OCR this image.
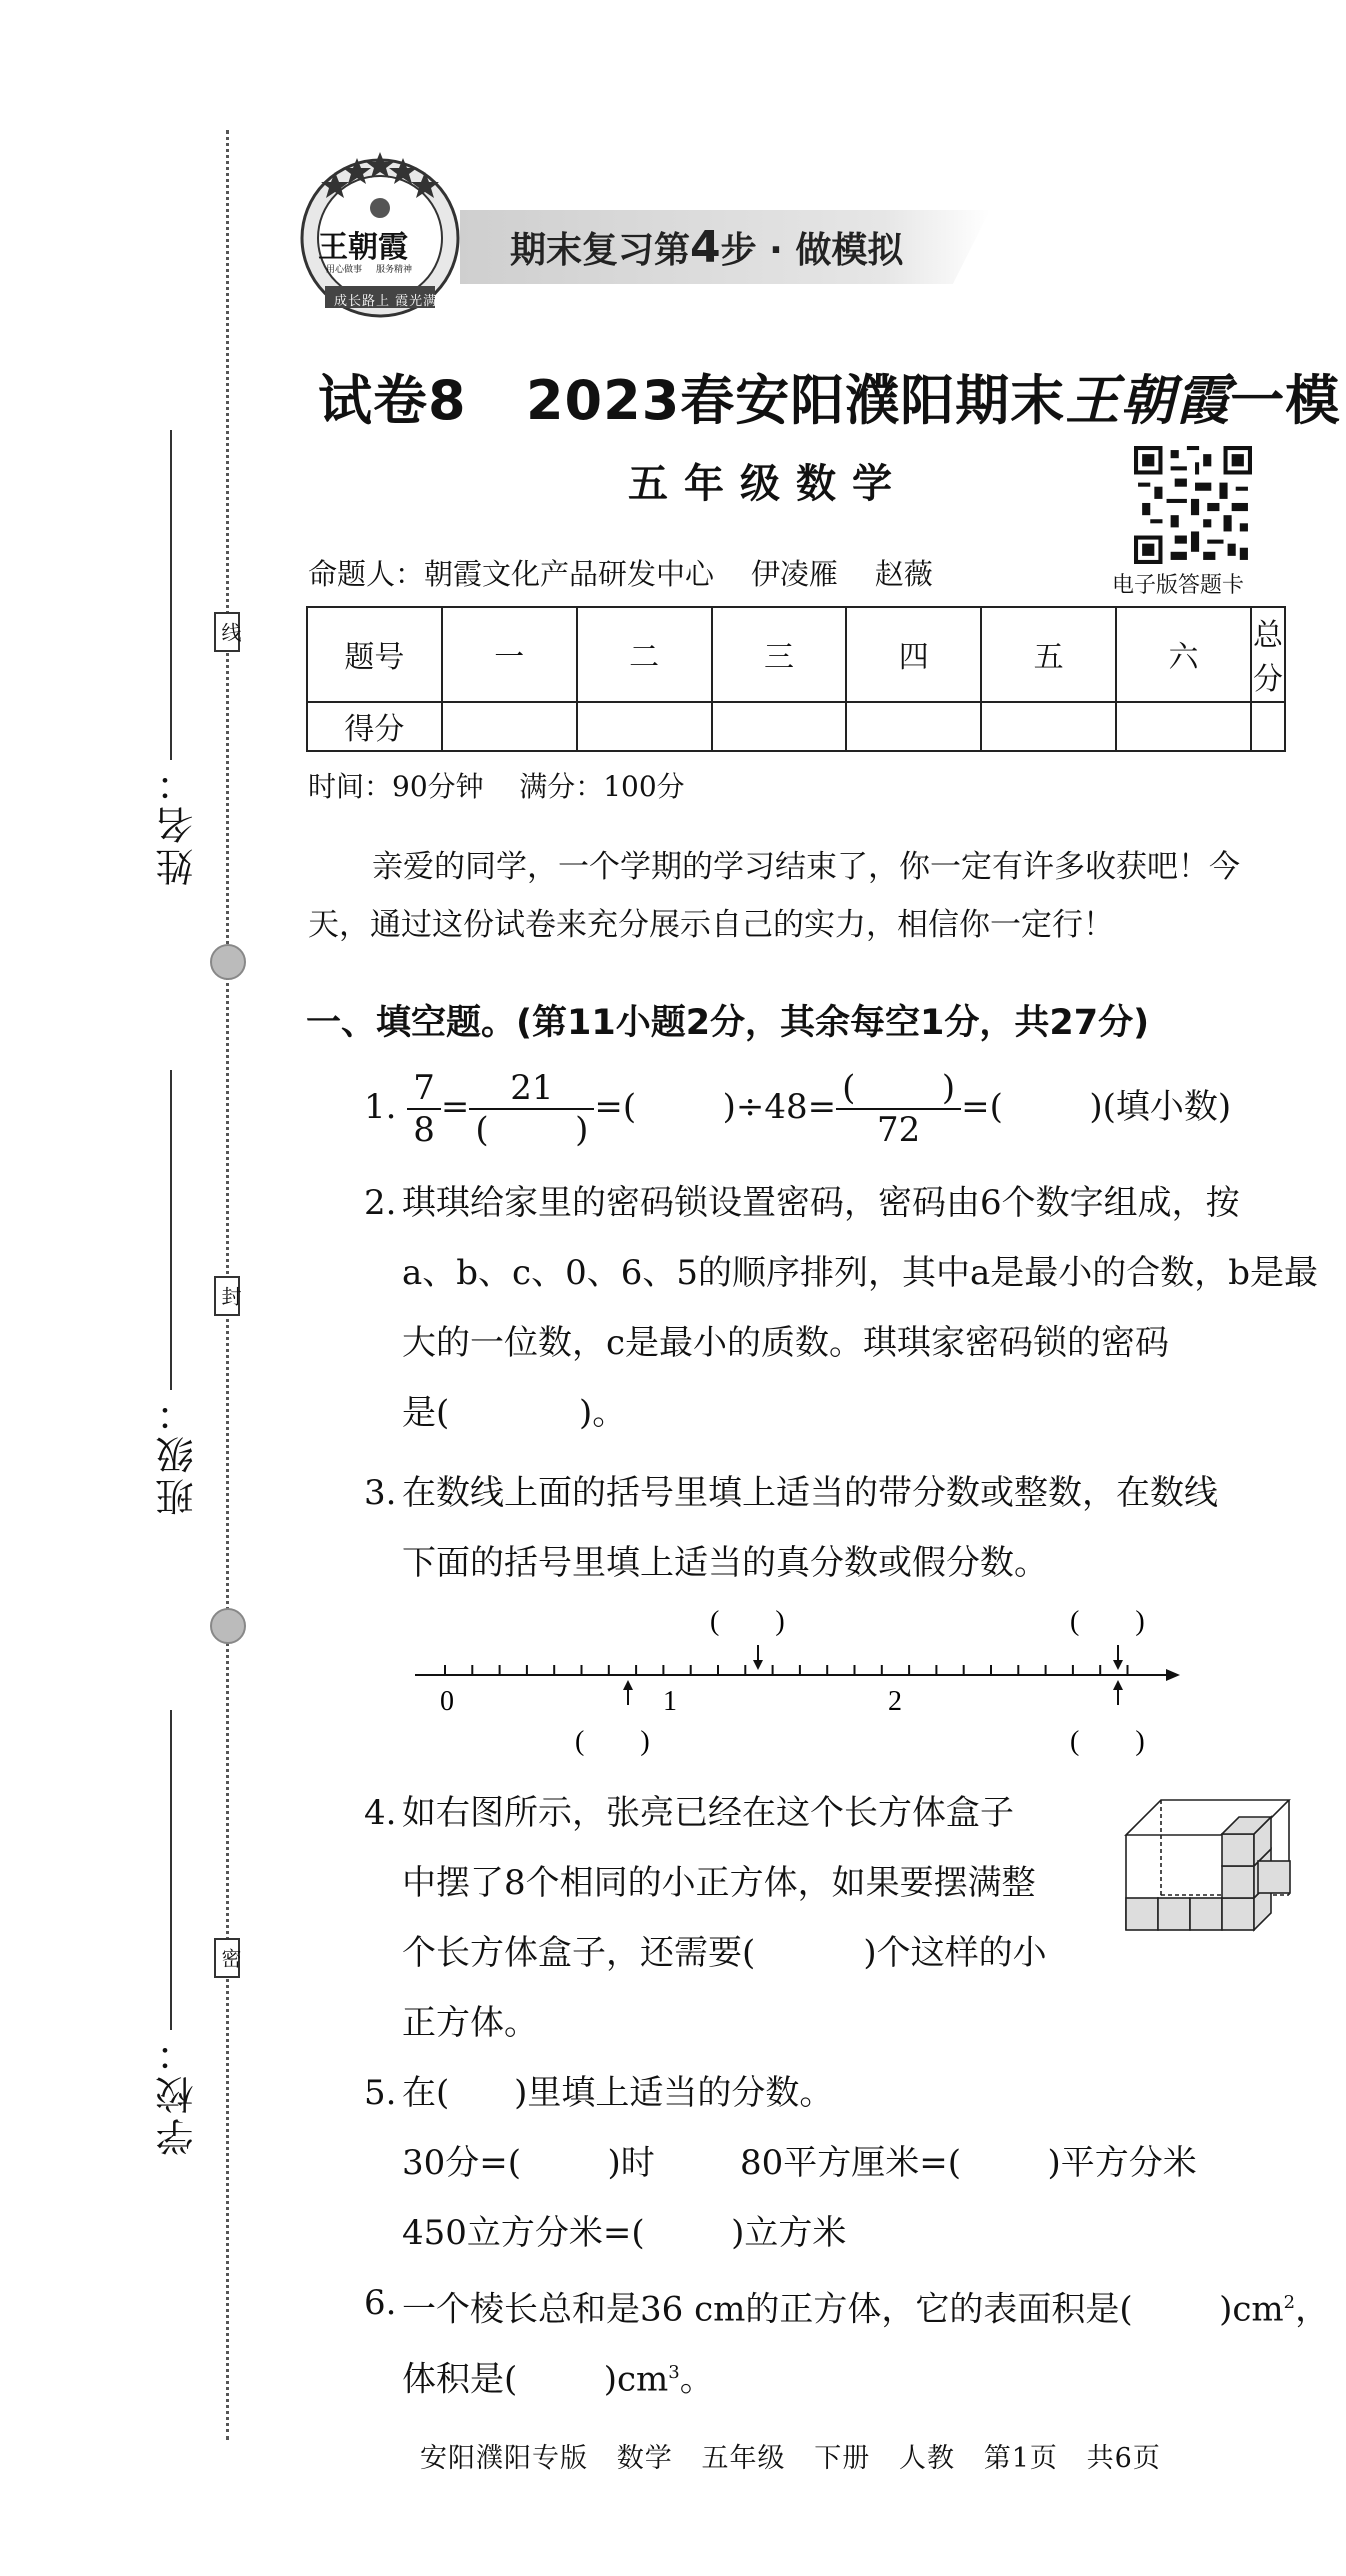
姓名：
班级：
学校：
线
封
密
王朝霞
用心做事 服务精神
成长路上 霞光满天
期末复习第4步 · 做模拟
试卷8   2023春安阳濮阳期末王朝霞一模
五年级数学
电子版答题卡
命题人：朝霞文化产品研发中心    伊凌雁    赵薇
题号	一	二	三	四	五	六	总分
得分							
时间：90分钟    满分：100分
亲爱的同学，一个学期的学习结束了，你一定有许多收获吧！今天，通过这份试卷来充分展示自己的实力，相信你一定行！
一、填空题。(第11小题2分，其余每空1分，共27分)
1. $\frac{7}{8} = \frac{21}{( )}$ =(        )$\div 48= \frac{( )}{72}$ =(        )(填小数)
2. 琪琪给家里的密码锁设置密码，密码由6个数字组成，按
a、b、c、0、6、5的顺序排列，其中a是最小的合数，b是最
大的一位数，c是最小的质数。琪琪家密码锁的密码
是(            )。
3. 在数线上面的括号里填上适当的带分数或整数，在数线
下面的括号里填上适当的真分数或假分数。
0	1	2
(        )	(        )
(        )	(        )
4. 如右图所示，张亮已经在这个长方体盒子
中摆了8个相同的小正方体，如果要摆满整
个长方体盒子，还需要(          )个这样的小
正方体。
5. 在(      )里填上适当的分数。
30分=(        )时	80平方厘米=(        )平方分米
450立方分米=(        )立方米
6. 一个棱长总和是36 cm的正方体，它的表面积是(        )$cm^2$，
体积是(        )$cm^3$。
安阳濮阳专版   数学   五年级   下册   人教   第1页   共6页
